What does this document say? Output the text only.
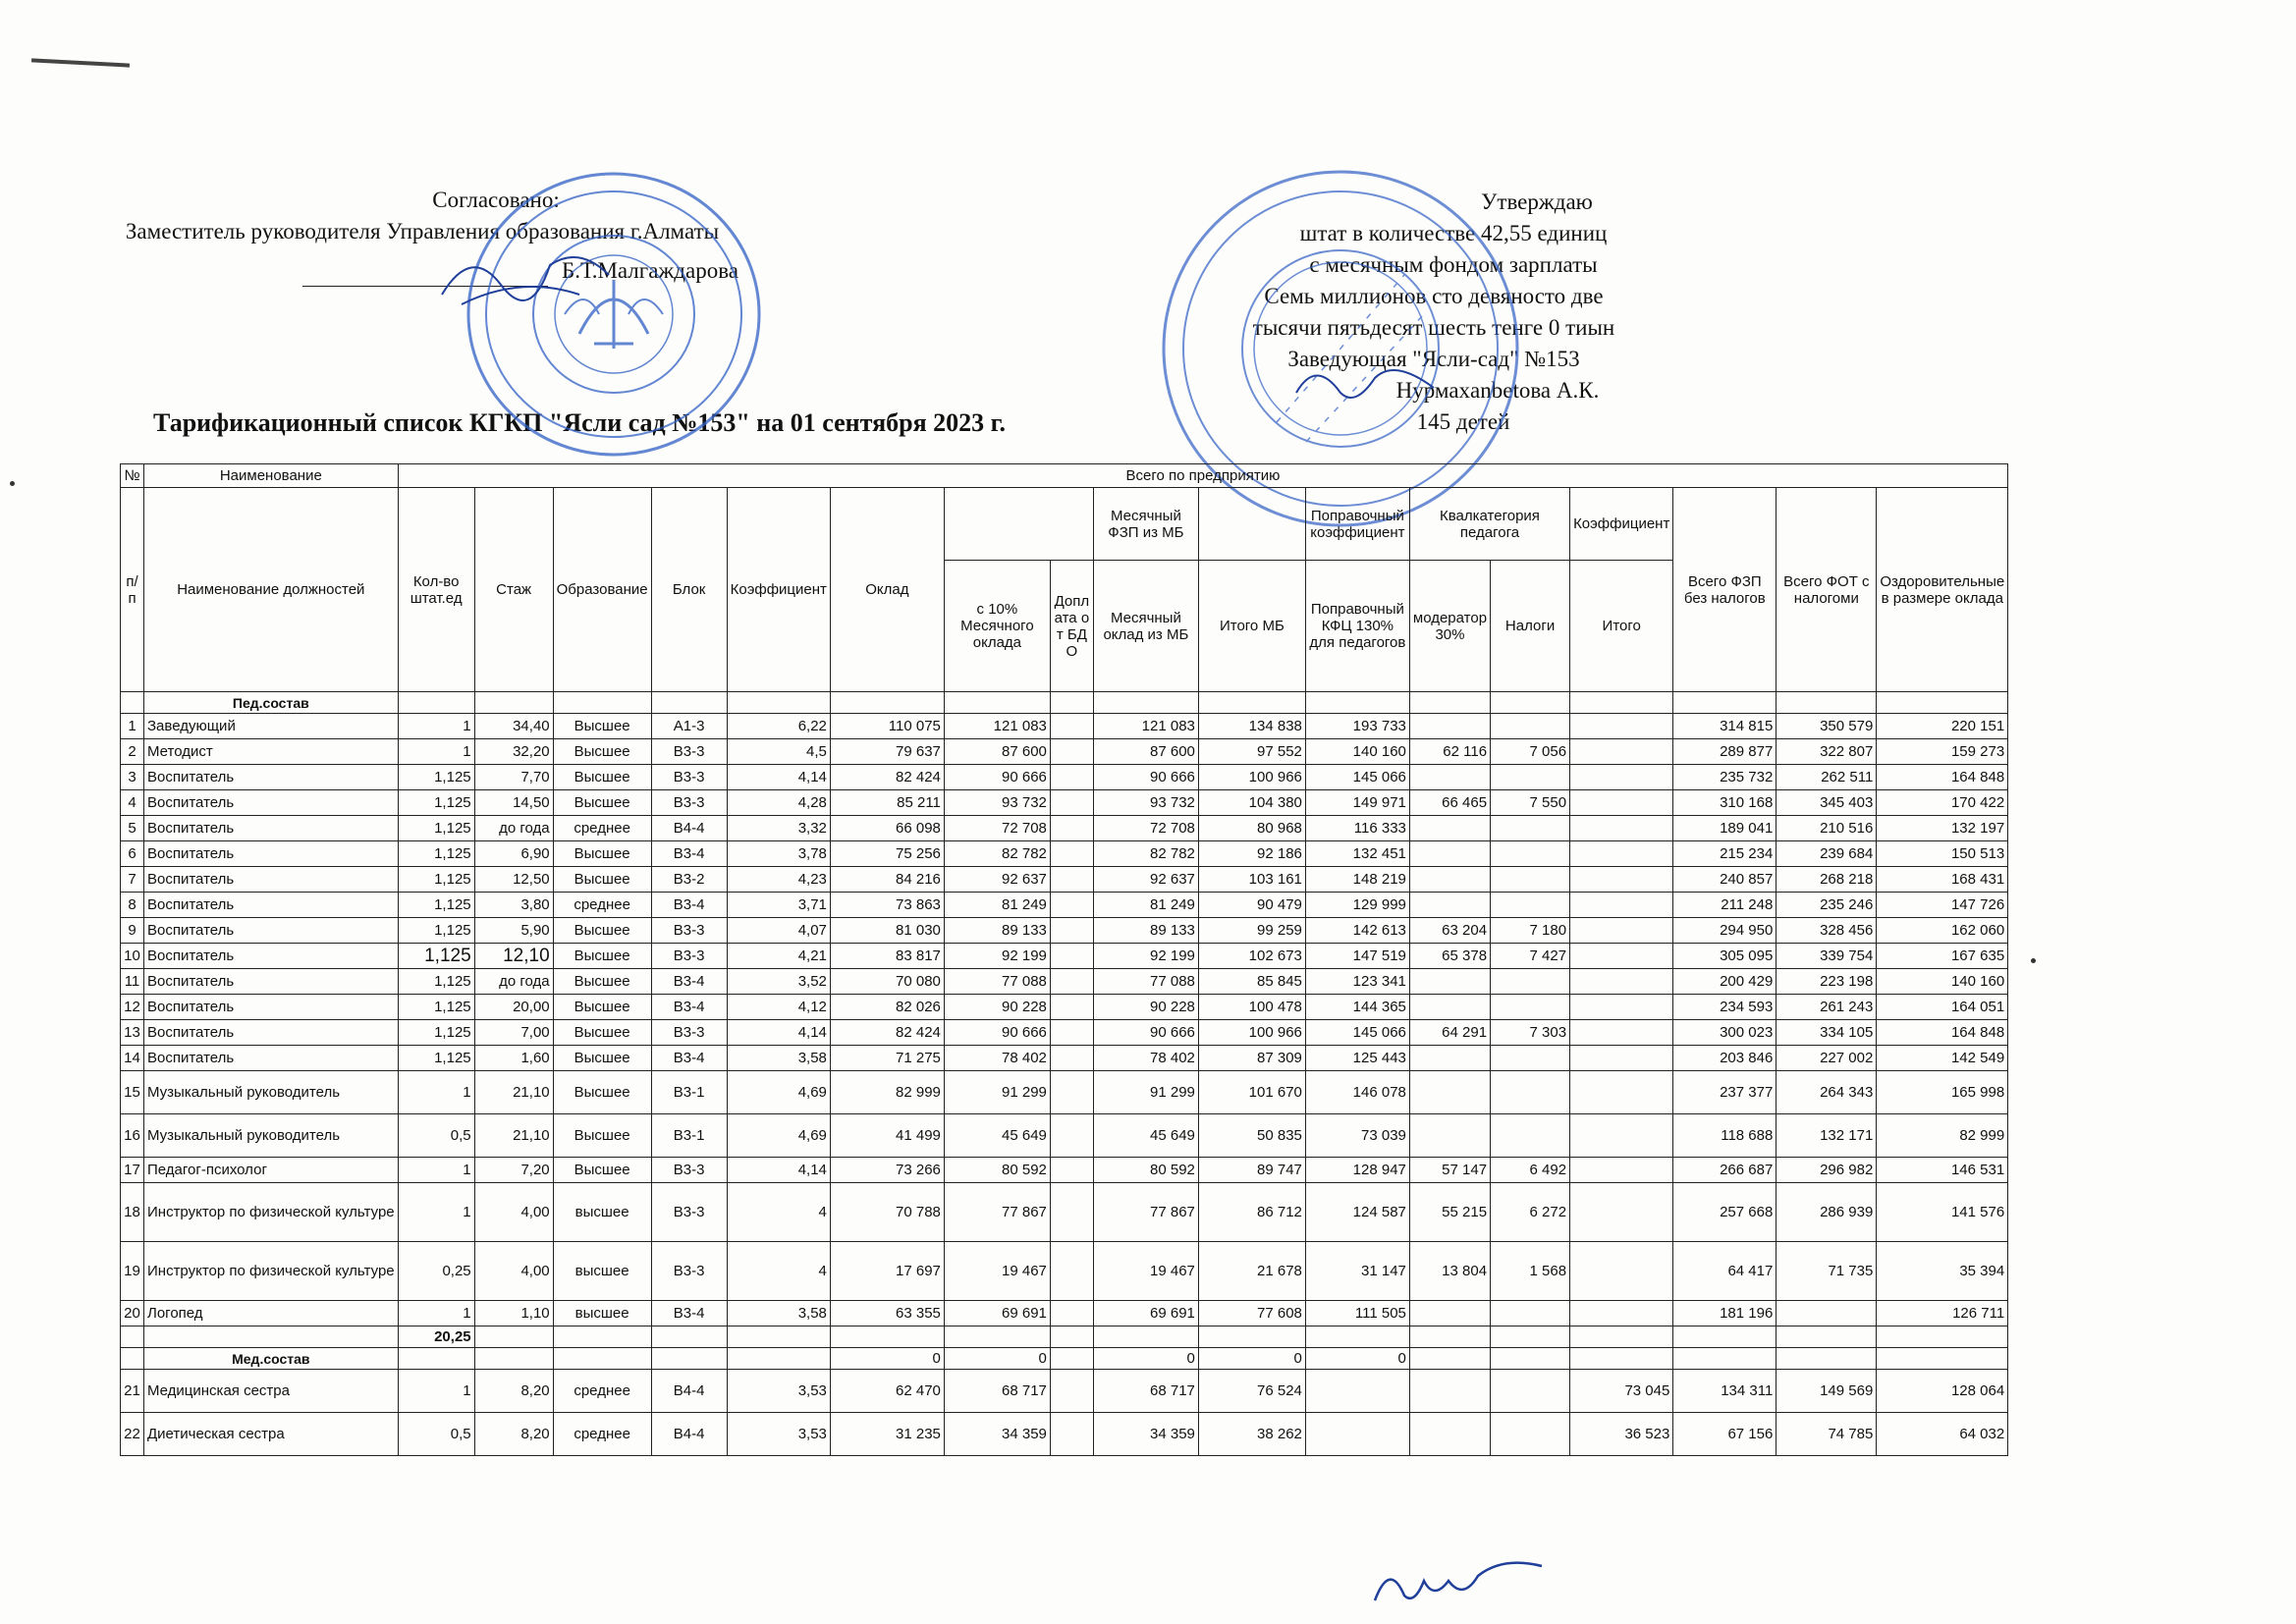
Согласовано:
Заместитель руководителя Управления образования г.Алматы
Б.Т.Малгаждарова
Утверждаю
штат в количестве 42,55 единиц
с месячным фондом зарплаты
Семь миллионов сто девяносто две
тысячи пятьдесят шесть тенге 0 тиын
Заведующая "Ясли-сад" №153
Нурмахanbetова А.К.
145 детей
Тарификационный список КГКП "Ясли сад №153" на 01 сентября 2023 г.
№	Наименование	Всего по предприятию																
п/п	Наименование должностей	Кол-во штат.ед	Стаж	Образование	Блок	Коэффициент	Оклад			Месячный ФЗП из МБ		Поправочный коэффициент	Квалкатегория педагога		Коэффициент	Всего ФЗП без налогов	Всего ФОТ с налогоми	Оздоровительные в размере оклада
								с 10% Месячного оклада	Доплата от БДО	Месячный оклад из МБ	Итого МБ	Поправочный КФЦ 130% для педагогов	модератор 30%	Налоги	Итого			
	Пед.состав																	
1	Заведующий	1	34,40	Высшее	А1-3	6,22	110 075	121 083		121 083	134 838	193 733				314 815	350 579	220 151
2	Методист	1	32,20	Высшее	В3-3	4,5	79 637	87 600		87 600	97 552	140 160	62 116	7 056		289 877	322 807	159 273
3	Воспитатель	1,125	7,70	Высшее	В3-3	4,14	82 424	90 666		90 666	100 966	145 066				235 732	262 511	164 848
4	Воспитатель	1,125	14,50	Высшее	В3-3	4,28	85 211	93 732		93 732	104 380	149 971	66 465	7 550		310 168	345 403	170 422
5	Воспитатель	1,125	до года	среднее	В4-4	3,32	66 098	72 708		72 708	80 968	116 333				189 041	210 516	132 197
6	Воспитатель	1,125	6,90	Высшее	В3-4	3,78	75 256	82 782		82 782	92 186	132 451				215 234	239 684	150 513
7	Воспитатель	1,125	12,50	Высшее	В3-2	4,23	84 216	92 637		92 637	103 161	148 219				240 857	268 218	168 431
8	Воспитатель	1,125	3,80	среднее	В3-4	3,71	73 863	81 249		81 249	90 479	129 999				211 248	235 246	147 726
9	Воспитатель	1,125	5,90	Высшее	В3-3	4,07	81 030	89 133		89 133	99 259	142 613	63 204	7 180		294 950	328 456	162 060
10	Воспитатель	1,125	12,10	Высшее	В3-3	4,21	83 817	92 199		92 199	102 673	147 519	65 378	7 427		305 095	339 754	167 635
11	Воспитатель	1,125	до года	Высшее	В3-4	3,52	70 080	77 088		77 088	85 845	123 341				200 429	223 198	140 160
12	Воспитатель	1,125	20,00	Высшее	В3-4	4,12	82 026	90 228		90 228	100 478	144 365				234 593	261 243	164 051
13	Воспитатель	1,125	7,00	Высшее	В3-3	4,14	82 424	90 666		90 666	100 966	145 066	64 291	7 303		300 023	334 105	164 848
14	Воспитатель	1,125	1,60	Высшее	В3-4	3,58	71 275	78 402		78 402	87 309	125 443				203 846	227 002	142 549
15	Музыкальный руководитель	1	21,10	Высшее	В3-1	4,69	82 999	91 299		91 299	101 670	146 078				237 377	264 343	165 998
16	Музыкальный руководитель	0,5	21,10	Высшее	В3-1	4,69	41 499	45 649		45 649	50 835	73 039				118 688	132 171	82 999
17	Педагог-психолог	1	7,20	Высшее	В3-3	4,14	73 266	80 592		80 592	89 747	128 947	57 147	6 492		266 687	296 982	146 531
18	Инструктор по физической культуре	1	4,00	высшее	В3-3	4	70 788	77 867		77 867	86 712	124 587	55 215	6 272		257 668	286 939	141 576
19	Инструктор по физической культуре	0,25	4,00	высшее	В3-3	4	17 697	19 467		19 467	21 678	31 147	13 804	1 568		64 417	71 735	35 394
20	Логопед	1	1,10	высшее	В3-4	3,58	63 355	69 691		69 691	77 608	111 505				181 196		126 711
		20,25																
	Мед.состав						0	0		0	0	0						
21	Медицинская сестра	1	8,20	среднее	В4-4	3,53	62 470	68 717		68 717	76 524				73 045	134 311	149 569	128 064
22	Диетическая сестра	0,5	8,20	среднее	В4-4	3,53	31 235	34 359		34 359	38 262				36 523	67 156	74 785	64 032
